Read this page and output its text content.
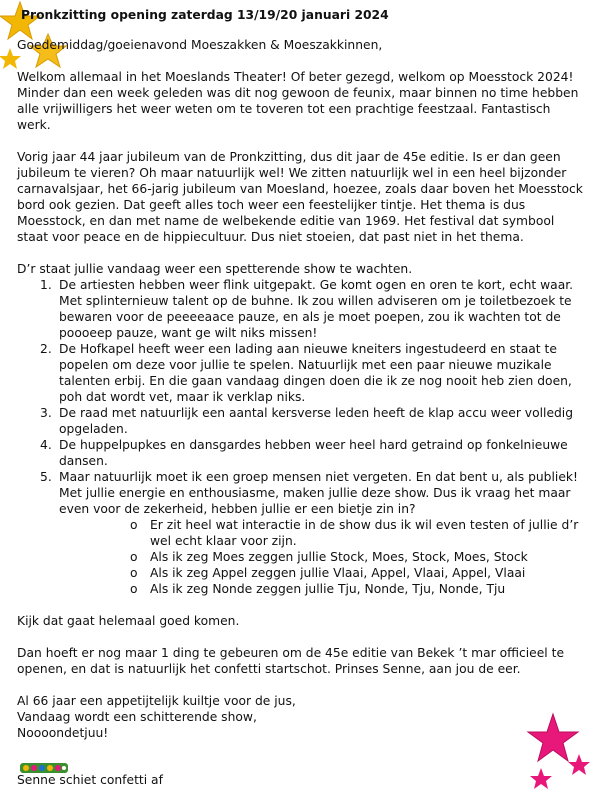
Pronkzitting opening zaterdag 13/19/20 januari 2024

Goedemiddag/goeienavond Moeszakken & Moeszakkinnen,

Welkom allemaal in het Moeslands Theater! Of beter gezegd, welkom op Moesstock 2024! Minder dan een week geleden was dit nog gewoon de feunix, maar binnen no time hebben alle vrijwilligers het weer weten om te toveren tot een prachtige feestzaal. Fantastisch werk.

Vorig jaar 44 jaar jubileum van de Pronkzitting, dus dit jaar de 45e editie. Is er dan geen jubileum te vieren? Oh maar natuurlijk wel! We zitten natuurlijk wel in een heel bijzonder carnavalsjaar, het 66-jarig jubileum van Moesland, hoezee, zoals daar boven het Moesstock bord ook gezien. Dat geeft alles toch weer een feestelijker tintje. Het thema is dus Moesstock, en dan met name de welbekende editie van 1969. Het festival dat symbool staat voor peace en de hippiecultuur. Dus niet stoeien, dat past niet in het thema.

D’r staat jullie vandaag weer een spetterende show te wachten.

1. De artiesten hebben weer flink uitgepakt. Ge komt ogen en oren te kort, echt waar. Met splinternieuw talent op de buhne. Ik zou willen adviseren om je toiletbezoek te bewaren voor de peeeeaace pauze, en als je moet poepen, zou ik wachten tot de poooeep pauze, want ge wilt niks missen!
2. De Hofkapel heeft weer een lading aan nieuwe kneiters ingestudeerd en staat te popelen om deze voor jullie te spelen. Natuurlijk met een paar nieuwe muzikale talenten erbij. En die gaan vandaag dingen doen die ik ze nog nooit heb zien doen, poh dat wordt vet, maar ik verklap niks.
3. De raad met natuurlijk een aantal kersverse leden heeft de klap accu weer volledig opgeladen.
4. De huppelpupkes en dansgardes hebben weer heel hard getraind op fonkelnieuwe dansen.
5. Maar natuurlijk moet ik een groep mensen niet vergeten. En dat bent u, als publiek! Met jullie energie en enthousiasme, maken jullie deze show. Dus ik vraag het maar even voor de zekerheid, hebben jullie er een bietje zin in?
o Er zit heel wat interactie in de show dus ik wil even testen of jullie d’r wel echt klaar voor zijn.
o Als ik zeg Moes zeggen jullie Stock, Moes, Stock, Moes, Stock
o Als ik zeg Appel zeggen jullie Vlaai, Appel, Vlaai, Appel, Vlaai
o Als ik zeg Nonde zeggen jullie Tju, Nonde, Tju, Nonde, Tju

Kijk dat gaat helemaal goed komen.

Dan hoeft er nog maar 1 ding te gebeuren om de 45e editie van Bekek ’t mar officieel te openen, en dat is natuurlijk het confetti startschot. Prinses Senne, aan jou de eer.

Al 66 jaar een appetijtelijk kuiltje voor de jus,
Vandaag wordt een schitterende show,
Noooondetjuu!
Senne schiet confetti af
